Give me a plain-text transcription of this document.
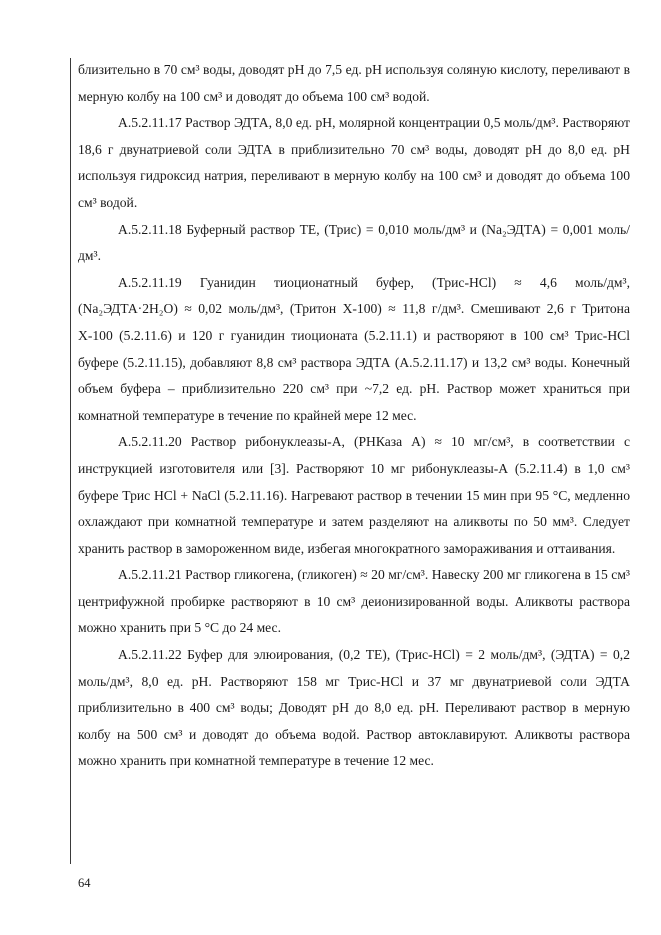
близительно в 70 см³ воды, доводят pH до 7,5 ед. pH используя соляную кислоту, переливают в мерную колбу на 100 см³ и доводят до объема 100 см³ водой.

А.5.2.11.17 Раствор ЭДТА, 8,0 ед. pH, молярной концентрации 0,5 моль/дм³. Растворяют 18,6 г двунатриевой соли ЭДТА в приблизительно 70 см³ воды, доводят pH до 8,0 ед. pH используя гидроксид натрия, переливают в мерную колбу на 100 см³ и доводят до объема 100 см³ водой.

А.5.2.11.18 Буферный раствор ТЕ, (Трис) = 0,010 моль/дм³ и (Na₂ЭДТА) = 0,001 моль/дм³.

А.5.2.11.19 Гуанидин тиоционатный буфер, (Трис-HCl) ≈ 4,6 моль/дм³, (Na₂ЭДТА·2H₂O) ≈ 0,02 моль/дм³, (Тритон Х-100) ≈ 11,8 г/дм³. Смешивают 2,6 г Тритона Х-100 (5.2.11.6) и 120 г гуанидин тиоционата (5.2.11.1) и растворяют в 100 см³ Трис-HCl буфере (5.2.11.15), добавляют 8,8 см³ раствора ЭДТА (А.5.2.11.17) и 13,2 см³ воды. Конечный объем буфера – приблизительно 220 см³ при ~7,2 ед. pH. Раствор может храниться при комнатной температуре в течение по крайней мере 12 мес.

А.5.2.11.20 Раствор рибонуклеазы-А, (РНКаза А) ≈ 10 мг/см³, в соответствии с инструкцией изготовителя или [3]. Растворяют 10 мг рибонуклеазы-А (5.2.11.4) в 1,0 см³ буфере Трис HCl + NaCl (5.2.11.16). Нагревают раствор в течении 15 мин при 95 °С, медленно охлаждают при комнатной температуре и затем разделяют на аликвоты по 50 мм³. Следует хранить раствор в замороженном виде, избегая многократного замораживания и оттаивания.

А.5.2.11.21 Раствор гликогена, (гликоген) ≈ 20 мг/см³. Навеску 200 мг гликогена в 15 см³ центрифужной пробирке растворяют в 10 см³ деионизированной воды. Аликвоты раствора можно хранить при 5 °С до 24 мес.

А.5.2.11.22 Буфер для элюирования, (0,2 ТЕ), (Трис-HCl) = 2 моль/дм³, (ЭДТА) = 0,2 моль/дм³, 8,0 ед. pH. Растворяют 158 мг Трис-HCl и 37 мг двунатриевой соли ЭДТА приблизительно в 400 см³ воды; Доводят pH до 8,0 ед. pH. Переливают раствор в мерную колбу на 500 см³ и доводят до объема водой. Раствор автоклавируют. Аликвоты раствора можно хранить при комнатной температуре в течение 12 мес.

64
